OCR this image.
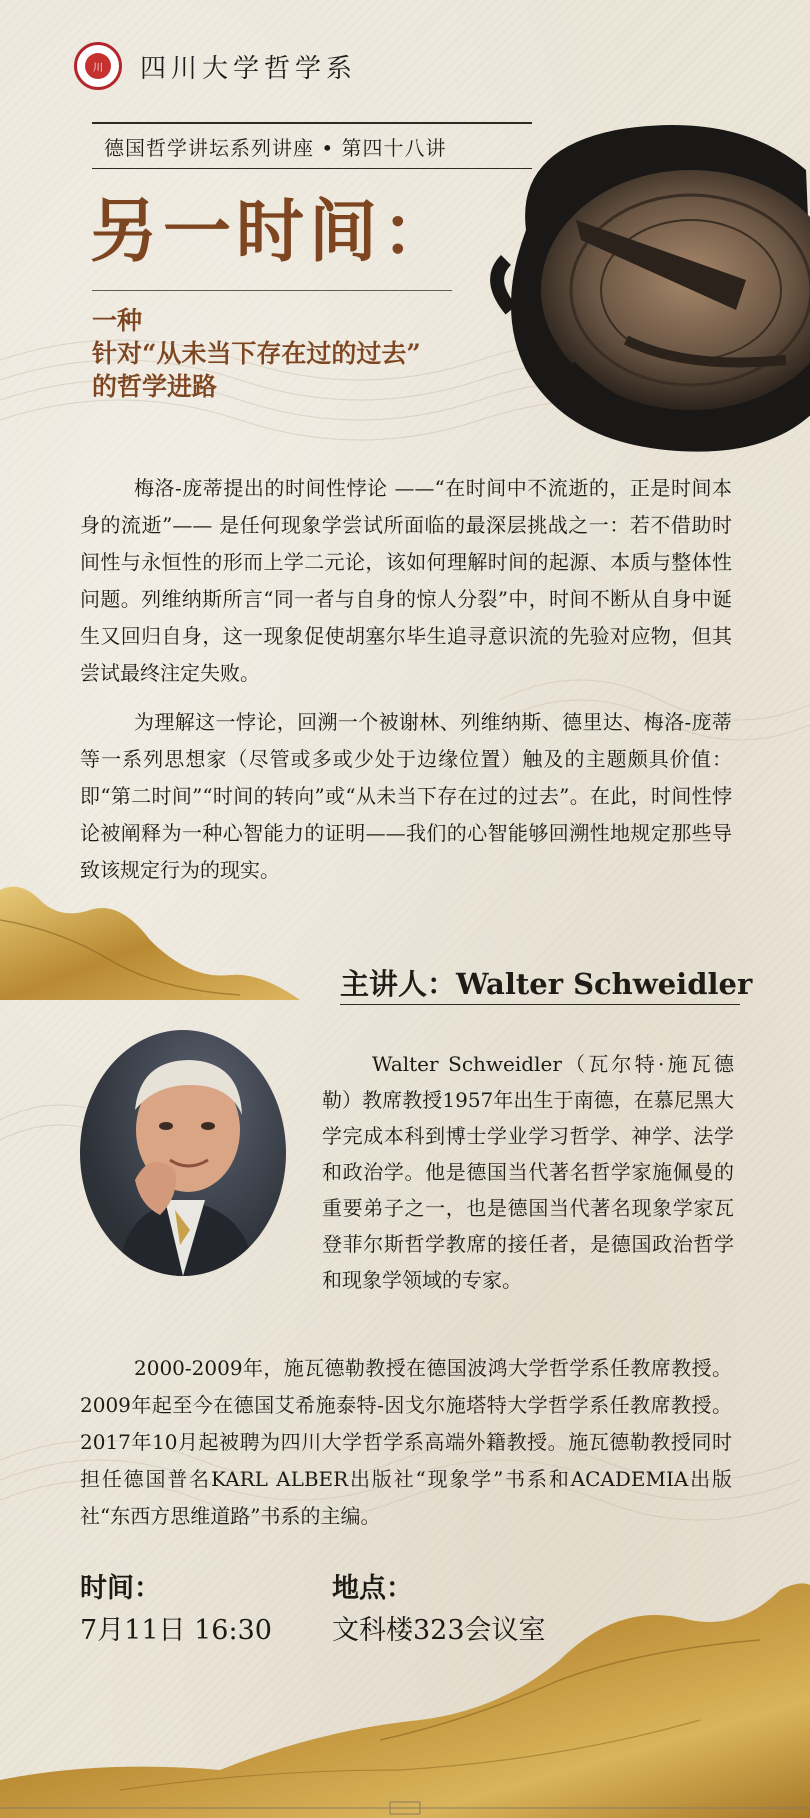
川	四川大学哲学系
德国哲学讲坛系列讲座 • 第四十八讲
另一时间：
一种
针对“从未当下存在过的过去”
的哲学进路

梅洛-庞蒂提出的时间性悖论 ——“在时间中不流逝的，正是时间本身的流逝”—— 是任何现象学尝试所面临的最深层挑战之一：若不借助时间性与永恒性的形而上学二元论，该如何理解时间的起源、本质与整体性问题。列维纳斯所言“同一者与自身的惊人分裂”中，时间不断从自身中诞生又回归自身，这一现象促使胡塞尔毕生追寻意识流的先验对应物，但其尝试最终注定失败。

为理解这一悖论，回溯一个被谢林、列维纳斯、德里达、梅洛-庞蒂等一系列思想家（尽管或多或少处于边缘位置）触及的主题颇具价值：即“第二时间”“时间的转向”或“从未当下存在过的过去”。在此，时间性悖论被阐释为一种心智能力的证明——我们的心智能够回溯性地规定那些导致该规定行为的现实。

主讲人：Walter Schweidler

Walter Schweidler（瓦尔特·施瓦德勒）教席教授1957年出生于南德，在慕尼黑大学完成本科到博士学业学习哲学、神学、法学和政治学。他是德国当代著名哲学家施佩曼的重要弟子之一，也是德国当代著名现象学家瓦登菲尔斯哲学教席的接任者，是德国政治哲学和现象学领域的专家。

2000-2009年，施瓦德勒教授在德国波鸿大学哲学系任教席教授。2009年起至今在德国艾希施泰特-因戈尔施塔特大学哲学系任教席教授。2017年10月起被聘为四川大学哲学系高端外籍教授。施瓦德勒教授同时担任德国普名KARL ALBER出版社“现象学”书系和ACADEMIA出版社“东西方思维道路”书系的主编。

时间：
7月11日 16:30
地点：
文科楼323会议室
